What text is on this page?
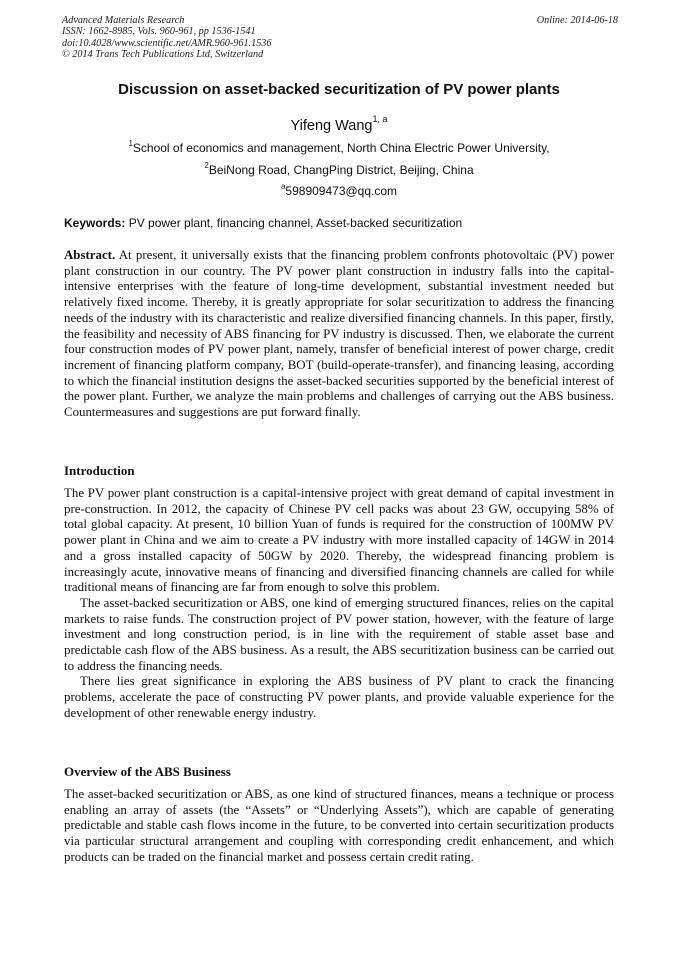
Advanced Materials Research
ISSN: 1662-8985, Vols. 960-961, pp 1536-1541
doi:10.4028/www.scientific.net/AMR.960-961.1536
© 2014 Trans Tech Publications Ltd, Switzerland
Online: 2014-06-18
Discussion on asset-backed securitization of PV power plants
Yifeng Wang$^{1, a}$
$^1$School of economics and management, North China Electric Power University,
$^2$BeiNong Road, ChangPing District, Beijing, China
$^a$598909473@qq.com
Keywords: PV power plant, financing channel, Asset-backed securitization
Abstract. At present, it universally exists that the financing problem confronts photovoltaic (PV) power plant construction in our country. The PV power plant construction in industry falls into the capital-intensive enterprises with the feature of long-time development, substantial investment needed but relatively fixed income. Thereby, it is greatly appropriate for solar securitization to address the financing needs of the industry with its characteristic and realize diversified financing channels. In this paper, firstly, the feasibility and necessity of ABS financing for PV industry is discussed. Then, we elaborate the current four construction modes of PV power plant, namely, transfer of beneficial interest of power charge, credit increment of financing platform company, BOT (build-operate-transfer), and financing leasing, according to which the financial institution designs the asset-backed securities supported by the beneficial interest of the power plant. Further, we analyze the main problems and challenges of carrying out the ABS business. Countermeasures and suggestions are put forward finally.
Introduction

The PV power plant construction is a capital-intensive project with great demand of capital investment in pre-construction. In 2012, the capacity of Chinese PV cell packs was about 23 GW, occupying 58% of total global capacity. At present, 10 billion Yuan of funds is required for the construction of 100MW PV power plant in China and we aim to create a PV industry with more installed capacity of 14GW in 2014 and a gross installed capacity of 50GW by 2020. Thereby, the widespread financing problem is increasingly acute, innovative means of financing and diversified financing channels are called for while traditional means of financing are far from enough to solve this problem.

The asset-backed securitization or ABS, one kind of emerging structured finances, relies on the capital markets to raise funds. The construction project of PV power station, however, with the feature of large investment and long construction period, is in line with the requirement of stable asset base and predictable cash flow of the ABS business. As a result, the ABS securitization business can be carried out to address the financing needs.

There lies great significance in exploring the ABS business of PV plant to crack the financing problems, accelerate the pace of constructing PV power plants, and provide valuable experience for the development of other renewable energy industry.

Overview of the ABS Business

The asset-backed securitization or ABS, as one kind of structured finances, means a technique or process enabling an array of assets (the “Assets” or “Underlying Assets”), which are capable of generating predictable and stable cash flows income in the future, to be converted into certain securitization products via particular structural arrangement and coupling with corresponding credit enhancement, and which products can be traded on the financial market and possess certain credit rating.
